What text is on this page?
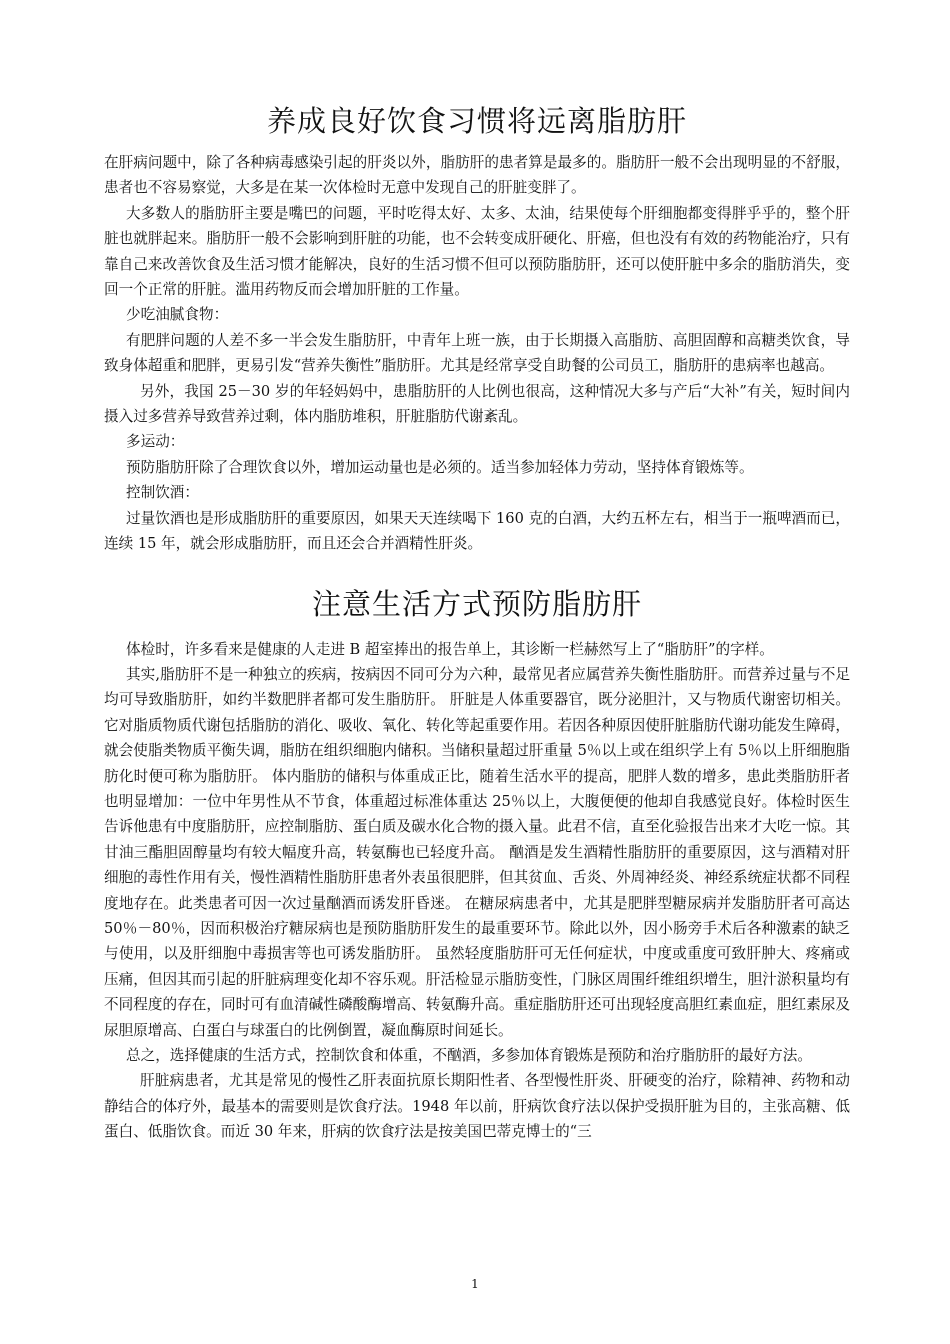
养成良好饮食习惯将远离脂肪肝

在肝病问题中，除了各种病毒感染引起的肝炎以外，脂肪肝的患者算是最多的。脂肪肝一般不会出现明显的不舒服，患者也不容易察觉，大多是在某一次体检时无意中发现自己的肝脏变胖了。

大多数人的脂肪肝主要是嘴巴的问题，平时吃得太好、太多、太油，结果使每个肝细胞都变得胖乎乎的，整个肝脏也就胖起来。脂肪肝一般不会影响到肝脏的功能，也不会转变成肝硬化、肝癌，但也没有有效的药物能治疗，只有靠自己来改善饮食及生活习惯才能解决，良好的生活习惯不但可以预防脂肪肝，还可以使肝脏中多余的脂肪消失，变回一个正常的肝脏。滥用药物反而会增加肝脏的工作量。

少吃油腻食物：

有肥胖问题的人差不多一半会发生脂肪肝，中青年上班一族，由于长期摄入高脂肪、高胆固醇和高糖类饮食，导致身体超重和肥胖，更易引发“营养失衡性”脂肪肝。尤其是经常享受自助餐的公司员工，脂肪肝的患病率也越高。

另外，我国 25－30 岁的年轻妈妈中，患脂肪肝的人比例也很高，这种情况大多与产后“大补”有关，短时间内摄入过多营养导致营养过剩，体内脂肪堆积，肝脏脂肪代谢紊乱。

多运动：

预防脂肪肝除了合理饮食以外，增加运动量也是必须的。适当参加轻体力劳动，坚持体育锻炼等。

控制饮酒：

过量饮酒也是形成脂肪肝的重要原因，如果天天连续喝下 160 克的白酒，大约五杯左右，相当于一瓶啤酒而已，连续 15 年，就会形成脂肪肝，而且还会合并酒精性肝炎。

注意生活方式预防脂肪肝

体检时，许多看来是健康的人走进 B 超室捧出的报告单上，其诊断一栏赫然写上了“脂肪肝”的字样。

其实,脂肪肝不是一种独立的疾病，按病因不同可分为六种，最常见者应属营养失衡性脂肪肝。而营养过量与不足均可导致脂肪肝，如约半数肥胖者都可发生脂肪肝。 肝脏是人体重要器官，既分泌胆汁，又与物质代谢密切相关。它对脂质物质代谢包括脂肪的消化、吸收、氧化、转化等起重要作用。若因各种原因使肝脏脂肪代谢功能发生障碍，就会使脂类物质平衡失调，脂肪在组织细胞内储积。当储积量超过肝重量 5％以上或在组织学上有 5％以上肝细胞脂肪化时便可称为脂肪肝。 体内脂肪的储积与体重成正比，随着生活水平的提高，肥胖人数的增多，患此类脂肪肝者也明显增加：一位中年男性从不节食，体重超过标准体重达 25％以上，大腹便便的他却自我感觉良好。体检时医生告诉他患有中度脂肪肝，应控制脂肪、蛋白质及碳水化合物的摄入量。此君不信，直至化验报告出来才大吃一惊。其甘油三酯胆固醇量均有较大幅度升高，转氨酶也已轻度升高。 酗酒是发生酒精性脂肪肝的重要原因，这与酒精对肝细胞的毒性作用有关，慢性酒精性脂肪肝患者外表虽很肥胖，但其贫血、舌炎、外周神经炎、神经系统症状都不同程度地存在。此类患者可因一次过量酗酒而诱发肝昏迷。 在糖尿病患者中，尤其是肥胖型糖尿病并发脂肪肝者可高达 50％－80％，因而积极治疗糖尿病也是预防脂肪肝发生的最重要环节。除此以外，因小肠旁手术后各种激素的缺乏与使用，以及肝细胞中毒损害等也可诱发脂肪肝。 虽然轻度脂肪肝可无任何症状，中度或重度可致肝肿大、疼痛或压痛，但因其而引起的肝脏病理变化却不容乐观。肝活检显示脂肪变性，门脉区周围纤维组织增生，胆汁淤积量均有不同程度的存在，同时可有血清碱性磷酸酶增高、转氨酶升高。重症脂肪肝还可出现轻度高胆红素血症，胆红素尿及尿胆原增高、白蛋白与球蛋白的比例倒置，凝血酶原时间延长。

总之，选择健康的生活方式，控制饮食和体重，不酗酒，多参加体育锻炼是预防和治疗脂肪肝的最好方法。

肝脏病患者，尤其是常见的慢性乙肝表面抗原长期阳性者、各型慢性肝炎、肝硬变的治疗，除精神、药物和动静结合的体疗外，最基本的需要则是饮食疗法。1948 年以前，肝病饮食疗法以保护受损肝脏为目的，主张高糖、低蛋白、低脂饮食。而近 30 年来，肝病的饮食疗法是按美国巴蒂克博士的“三

1
